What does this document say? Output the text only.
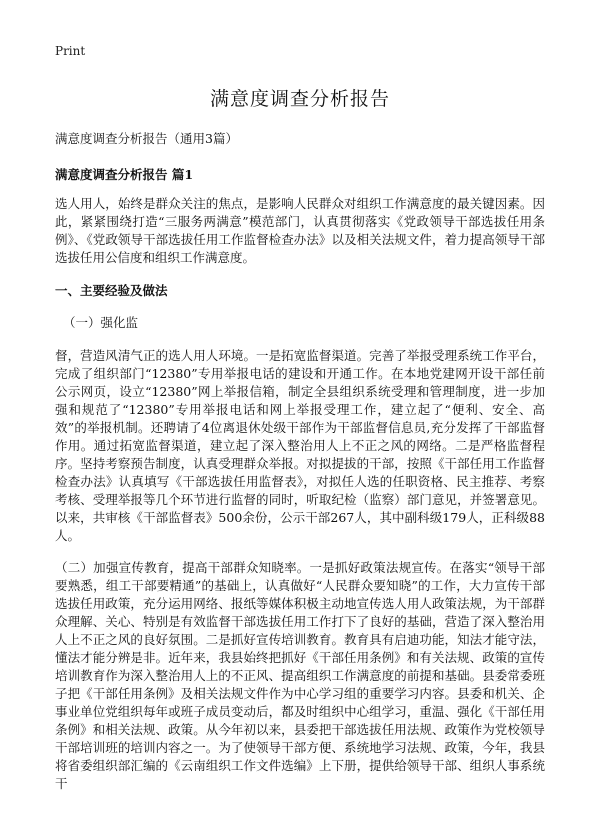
Print
满意度调查分析报告
满意度调查分析报告（通用3篇）
满意度调查分析报告 篇1

选人用人，始终是群众关注的焦点，是影响人民群众对组织工作满意度的最关键因素。因此，紧紧围绕打造“三服务两满意”模范部门，认真贯彻落实《党政领导干部选拔任用条例》、《党政领导干部选拔任用工作监督检查办法》以及相关法规文件，着力提高领导干部选拔任用公信度和组织工作满意度。

一、主要经验及做法
（一）强化监

督，营造风清气正的选人用人环境。一是拓宽监督渠道。完善了举报受理系统工作平台，完成了组织部门“12380”专用举报电话的建设和开通工作。在本地党建网开设干部任前公示网页，设立“12380”网上举报信箱，制定全县组织系统受理和管理制度，进一步加强和规范了“12380”专用举报电话和网上举报受理工作，建立起了“便利、安全、高效”的举报机制。还聘请了4位离退休处级干部作为干部监督信息员,充分发挥了干部监督作用。通过拓宽监督渠道，建立起了深入整治用人上不正之风的网络。二是严格监督程序。坚持考察预告制度，认真受理群众举报。对拟提拔的干部，按照《干部任用工作监督检查办法》认真填写《干部选拔任用监督表》，对拟任人选的任职资格、民主推荐、考察考核、受理举报等几个环节进行监督的同时，听取纪检（监察）部门意见，并签署意见。以来，共审核《干部监督表》500余份，公示干部267人，其中副科级179人，正科级88人。

（二）加强宣传教育，提高干部群众知晓率。一是抓好政策法规宣传。在落实“领导干部要熟悉，组工干部要精通”的基础上，认真做好“人民群众要知晓”的工作，大力宣传干部选拔任用政策，充分运用网络、报纸等媒体积极主动地宣传选人用人政策法规，为干部群众理解、关心、特别是有效监督干部选拔任用工作打下了良好的基础，营造了深入整治用人上不正之风的良好氛围。二是抓好宣传培训教育。教育具有启迪功能，知法才能守法，懂法才能分辨是非。近年来，我县始终把抓好《干部任用条例》和有关法规、政策的宣传培训教育作为深入整治用人上的不正风、提高组织工作满意度的前提和基础。县委常委班子把《干部任用条例》及相关法规文件作为中心学习组的重要学习内容。县委和机关、企事业单位党组织每年或班子成员变动后，都及时组织中心组学习，重温、强化《干部任用条例》和相关法规、政策。从今年初以来，县委把干部选拔任用法规、政策作为党校领导干部培训班的培训内容之一。为了使领导干部方便、系统地学习法规、政策，今年，我县将省委组织部汇编的《云南组织工作文件选编》上下册，提供给领导干部、组织人事系统干
